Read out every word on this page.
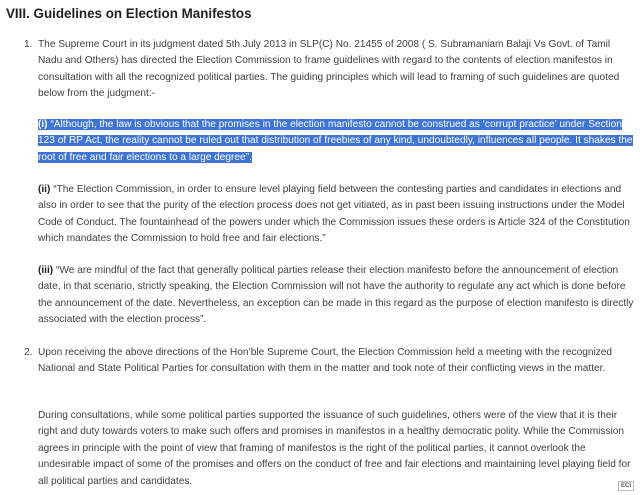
VIII. Guidelines on Election Manifestos
1. The Supreme Court in its judgment dated 5th July 2013 in SLP(C) No. 21455 of 2008 ( S. Subramaniam Balaji Vs Govt. of Tamil Nadu and Others) has directed the Election Commission to frame guidelines with regard to the contents of election manifestos in consultation with all the recognized political parties. The guiding principles which will lead to framing of such guidelines are quoted below from the judgment:-
(i) “Although, the law is obvious that the promises in the election manifesto cannot be construed as ‘corrupt practice’ under Section 123 of RP Act, the reality cannot be ruled out that distribution of freebies of any kind, undoubtedly, influences all people. It shakes the root of free and fair elections to a large degree”.
(ii) “The Election Commission, in order to ensure level playing field between the contesting parties and candidates in elections and also in order to see that the purity of the election process does not get vitiated, as in past been issuing instructions under the Model Code of Conduct. The fountainhead of the powers under which the Commission issues these orders is Article 324 of the Constitution which mandates the Commission to hold free and fair elections.”
(iii) “We are mindful of the fact that generally political parties release their election manifesto before the announcement of election date, in that scenario, strictly speaking, the Election Commission will not have the authority to regulate any act which is done before the announcement of the date. Nevertheless, an exception can be made in this regard as the purpose of election manifesto is directly associated with the election process”.
2. Upon receiving the above directions of the Hon’ble Supreme Court, the Election Commission held a meeting with the recognized National and State Political Parties for consultation with them in the matter and took note of their conflicting views in the matter.
During consultations, while some political parties supported the issuance of such guidelines, others were of the view that it is their right and duty towards voters to make such offers and promises in manifestos in a healthy democratic polity. While the Commission agrees in principle with the point of view that framing of manifestos is the right of the political parties, it cannot overlook the undesirable impact of some of the promises and offers on the conduct of free and fair elections and maintaining level playing field for all political parties and candidates.	ECI
